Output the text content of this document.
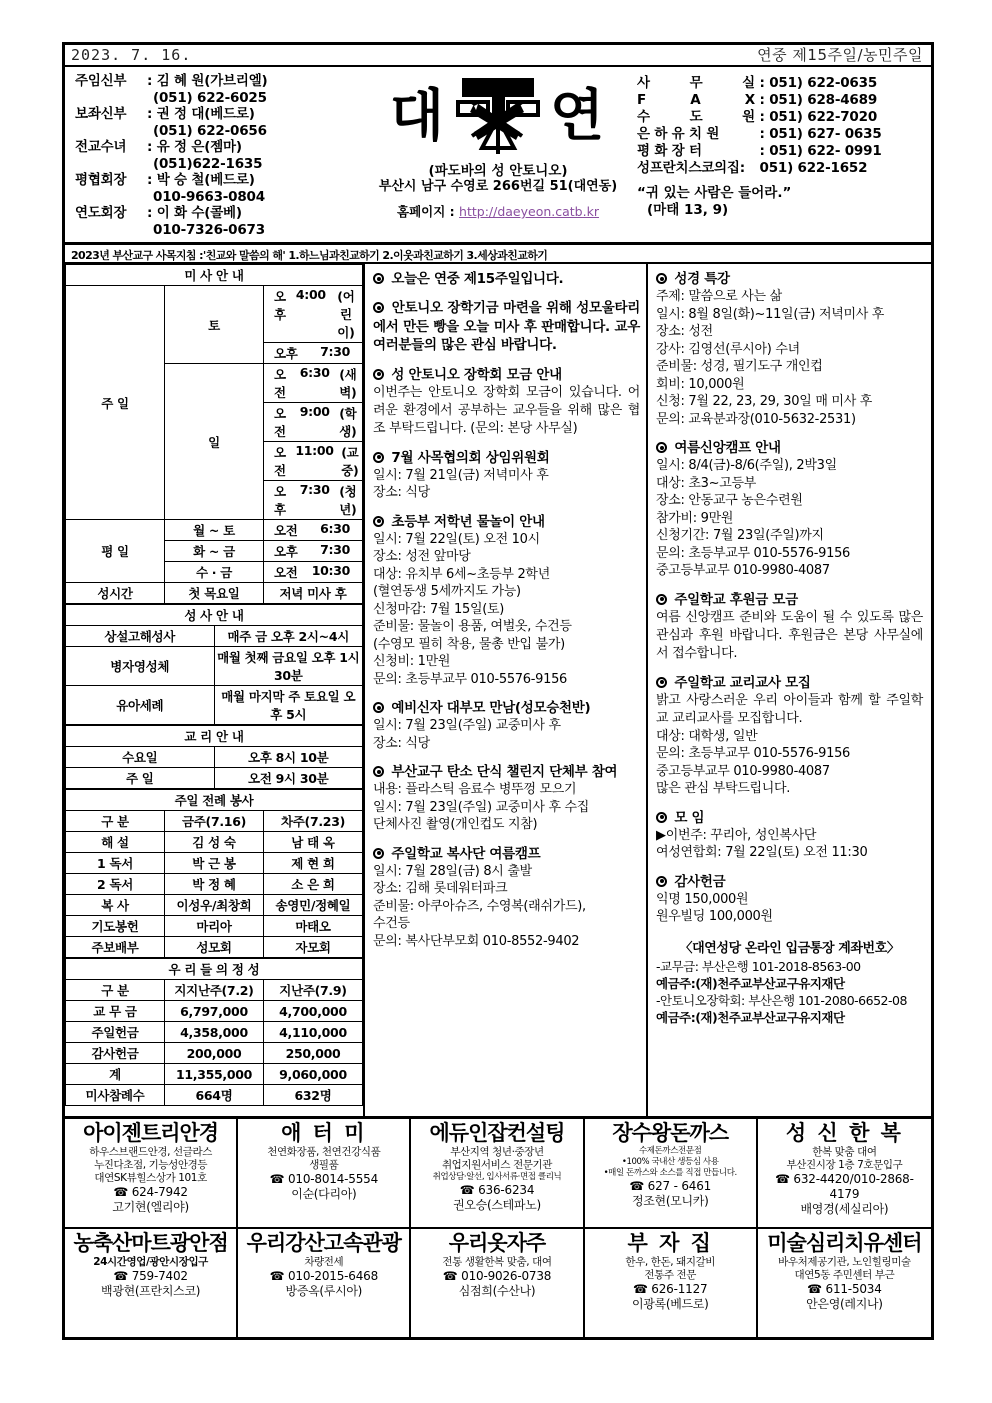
2023. 7. 16.	연중 제15주일/농민주일
주임신부 : 김 혜 원(가브리엘)
(051) 622-6025
보좌신부 : 권 정 대(베드로)
(051) 622-0656
전교수녀 : 유 정 은(젬마)
(051)622-1635
평협회장 : 박 승 철(베드로)
010-9663-0804
연도회장 : 이 화 수(콜베)
010-7326-0673
대 연
(파도바의 성 안토니오)
부산시 남구 수영로 266번길 51(대연동)
홈페이지 : http://daeyeon.catb.kr
사	무	실 : 051) 622-0635
F	A	X : 051) 628-4689
수	도	원 : 051) 622-7020
은 하 유 치 원	: 051) 627- 0635
평 화 장 터	: 051) 622- 0991
성프란치스코의집: 051) 622-1652
“귀 있는 사람은 들어라.”
(마태 13, 9)
2023년 부산교구 사목지침 :'친교와 말씀의 해' 1.하느님과친교하기 2.이웃과친교하기 3.세상과친교하기
미 사 안 내		
주 일	토	오후
4:00 (어린이)

		오후 7:30

	일	오전
6:30 (새벽)

		오전
9:00 (학생)

		오전
11:00 (교중)

		오후
7:30 (청년)

평 일	월 ~ 토	오전 6:30

	화 ~ 금	오후 7:30

	수 · 금	오전 10:30

성시간	첫 목요일	저녁 미사 후
성 사 안 내	
상설고해성사	매주 금 오후 2시~4시
병자영성체	매월 첫째 금요일 오후 1시 30분
유아세례	매월 마지막 주 토요일 오후 5시
교 리 안 내	
수요일	오후 8시 10분
주 일	오전 9시 30분
주일 전례 봉사		
구 분	금주(7.16)	차주(7.23)
해 설	김 성 숙	남 태 옥
1 독서	박 근 봉	제 현 희
2 독서	박 정 혜	소 은 희
복 사	이성우/최창희	송영민/정혜일
기도봉헌	마리아	마태오
주보배부	성모회	자모회
우 리 들 의 정 성		
구 분	지지난주(7.2)	지난주(7.9)
교 무 금	6,797,000	4,700,000
주일헌금	4,358,000	4,110,000
감사헌금	200,000	250,000
계	11,355,000	9,060,000
미사참례수	664명	632명
오늘은 연중 제15주일입니다.
안토니오 장학기금 마련을 위해 성모울타리에서 만든 빵을 오늘 미사 후 판매합니다. 교우 여러분들의 많은 관심 바랍니다.
성 안토니오 장학회 모금 안내
이번주는 안토니오 장학회 모금이 있습니다. 어려운 환경에서 공부하는 교우들을 위해 많은 협조 부탁드립니다. (문의: 본당 사무실)
7월 사목협의회 상임위원회
일시: 7월 21일(금) 저녁미사 후
장소: 식당
초등부 저학년 물놀이 안내
일시: 7월 22일(토) 오전 10시
장소: 성전 앞마당
대상: 유치부 6세~초등부 2학년
(혈연동생 5세까지도 가능)
신청마감: 7월 15일(토)
준비물: 물놀이 용품, 여벌옷, 수건등
(수영모 필히 착용, 물총 반입 불가)
신청비: 1만원
문의: 초등부교무 010-5576-9156
예비신자 대부모 만남(성모승천반)
일시: 7월 23일(주일) 교중미사 후
장소: 식당
부산교구 탄소 단식 챌린지 단체부 참여
내용: 플라스틱 음료수 병뚜껑 모으기
일시: 7월 23일(주일) 교중미사 후 수집
단체사진 촬영(개인컵도 지참)
주일학교 복사단 여름캠프
일시: 7월 28일(금) 8시 출발
장소: 김해 롯데워터파크
준비물: 아쿠아슈즈, 수영복(래쉬가드),
수건등
문의: 복사단부모회 010-8552-9402
성경 특강
주제: 말씀으로 사는 삶
일시: 8월 8일(화)~11일(금) 저녁미사 후
장소: 성전
강사: 김영선(루시아) 수녀
준비물: 성경, 필기도구 개인컵
회비: 10,000원
신청: 7월 22, 23, 29, 30일 매 미사 후
문의: 교육분과장(010-5632-2531)
여름신앙캠프 안내
일시: 8/4(금)-8/6(주일), 2박3일
대상: 초3~고등부
장소: 안동교구 농은수련원
참가비: 9만원
신청기간: 7월 23일(주일)까지
문의: 초등부교무 010-5576-9156
중고등부교무 010-9980-4087
주일학교 후원금 모금
여름 신앙캠프 준비와 도움이 될 수 있도록 많은 관심과 후원 바랍니다. 후원금은 본당 사무실에서 접수합니다.
주일학교 교리교사 모집
밝고 사랑스러운 우리 아이들과 함께 할 주일학교 교리교사를 모집합니다.
대상: 대학생, 일반
문의: 초등부교무 010-5576-9156
중고등부교무 010-9980-4087
많은 관심 부탁드립니다.
모 임
▶이번주: 꾸리아, 성인복사단
여성연합회: 7월 22일(토) 오전 11:30
감사헌금
익명 150,000원
원우빌딩 100,000원
〈대연성당 온라인 입금통장 계좌번호〉
-교무금: 부산은행 101-2018-8563-00
예금주:(재)천주교부산교구유지재단
-안토니오장학회: 부산은행 101-2080-6652-08
예금주:(재)천주교부산교구유지재단
아이젠트리안경
하우스브랜드안경, 선글라스
누진다초점, 기능성안경등
대연SK뷰힐스상가 101호
☎ 624-7942
고기현(엘리야)
애 터 미
천연화장품, 천연건강식품
생필품
☎ 010-8014-5554
이순(다리아)
에듀인잡컨설팅
부산지역 청년·중장년
취업지원서비스 전문기관
취업상담·알선, 입사서류·면접 클리닉
☎ 636-6234
권오승(스테파노)
장수왕돈까스
수제돈까스전문점
•100% 국내산 생등심 사용
•매일 돈까스와 소스를 직접 만듭니다.
☎ 627 - 6461
정조현(모니카)
성 신 한 복
한복 맞춤 대여
부산진시장 1층 7호문입구
☎ 632-4420/010-2868-4179
배영경(세실리아)
농축산마트광안점
24시간영업/광안시장입구
☎ 759-7402
백광현(프란치스코)
우리강산고속관광
차량전세
☎ 010-2015-6468
방증옥(루시아)
우리옷자주
전통 생활한복 맞춤, 대여
☎ 010-9026-0738
심점희(수산나)
부 자 집
한우, 한돈, 돼지갈비
전통주 전문
☎ 626-1127
이광록(베드로)
미술심리치유센터
바우처제공기관, 노인힐링미술
대연5동 주민센터 부근
☎ 611-5034
안은영(레지나)
